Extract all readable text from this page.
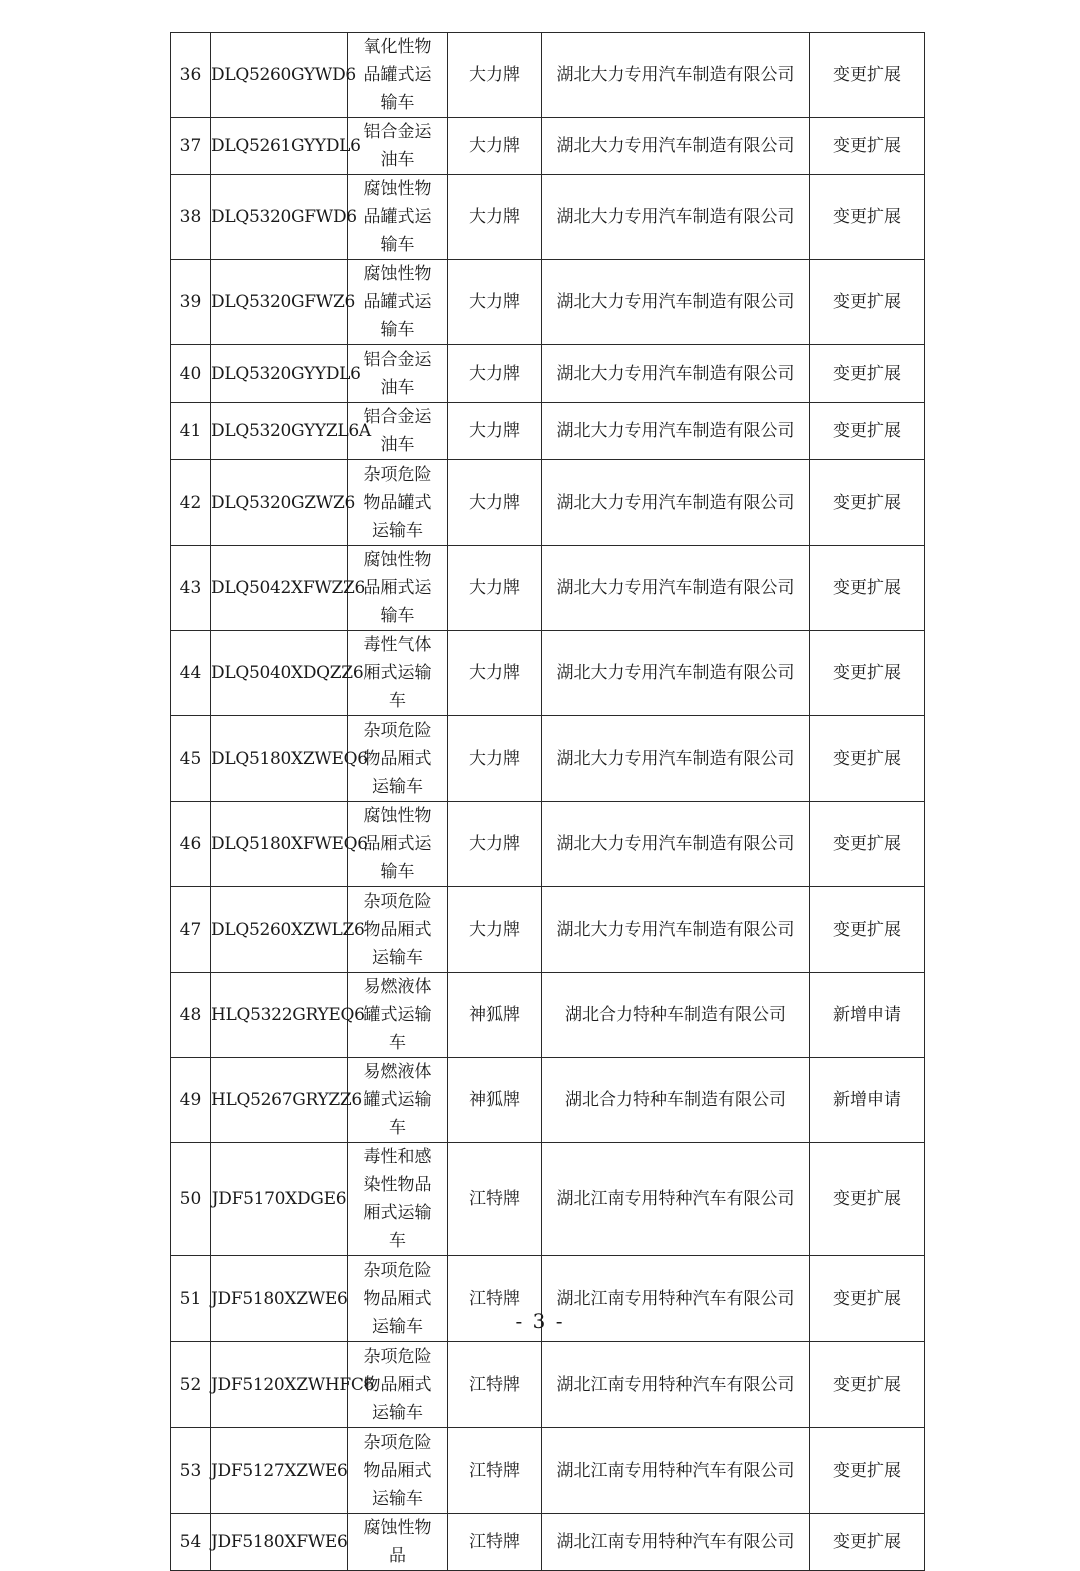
36	DLQ5260GYWD6	氧化性物品罐式运输车	大力牌	湖北大力专用汽车制造有限公司	变更扩展
37	DLQ5261GYYDL6	铝合金运油车	大力牌	湖北大力专用汽车制造有限公司	变更扩展
38	DLQ5320GFWD6	腐蚀性物品罐式运输车	大力牌	湖北大力专用汽车制造有限公司	变更扩展
39	DLQ5320GFWZ6	腐蚀性物品罐式运输车	大力牌	湖北大力专用汽车制造有限公司	变更扩展
40	DLQ5320GYYDL6	铝合金运油车	大力牌	湖北大力专用汽车制造有限公司	变更扩展
41	DLQ5320GYYZL6A	铝合金运油车	大力牌	湖北大力专用汽车制造有限公司	变更扩展
42	DLQ5320GZWZ6	杂项危险物品罐式运输车	大力牌	湖北大力专用汽车制造有限公司	变更扩展
43	DLQ5042XFWZZ6	腐蚀性物品厢式运输车	大力牌	湖北大力专用汽车制造有限公司	变更扩展
44	DLQ5040XDQZZ6	毒性气体厢式运输车	大力牌	湖北大力专用汽车制造有限公司	变更扩展
45	DLQ5180XZWEQ6	杂项危险物品厢式运输车	大力牌	湖北大力专用汽车制造有限公司	变更扩展
46	DLQ5180XFWEQ6	腐蚀性物品厢式运输车	大力牌	湖北大力专用汽车制造有限公司	变更扩展
47	DLQ5260XZWLZ6	杂项危险物品厢式运输车	大力牌	湖北大力专用汽车制造有限公司	变更扩展
48	HLQ5322GRYEQ6	易燃液体罐式运输车	神狐牌	湖北合力特种车制造有限公司	新增申请
49	HLQ5267GRYZZ6	易燃液体罐式运输车	神狐牌	湖北合力特种车制造有限公司	新增申请
50	JDF5170XDGE6	毒性和感染性物品厢式运输车	江特牌	湖北江南专用特种汽车有限公司	变更扩展
51	JDF5180XZWE6	杂项危险物品厢式运输车	江特牌	湖北江南专用特种汽车有限公司	变更扩展
52	JDF5120XZWHFC6	杂项危险物品厢式运输车	江特牌	湖北江南专用特种汽车有限公司	变更扩展
53	JDF5127XZWE6	杂项危险物品厢式运输车	江特牌	湖北江南专用特种汽车有限公司	变更扩展
54	JDF5180XFWE6	腐蚀性物品	江特牌	湖北江南专用特种汽车有限公司	变更扩展
- 3 -
